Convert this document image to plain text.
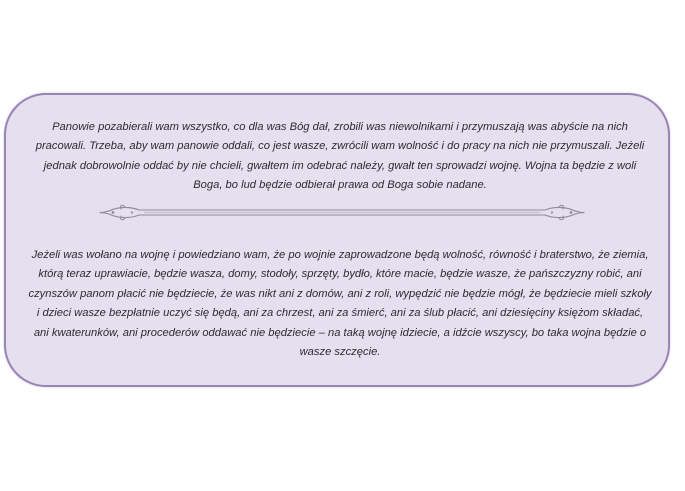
Panowie pozabierali wam wszystko, co dla was Bóg dał, zrobili was niewolnikami i przymuszają was abyście na nich pracowali. Trzeba, aby wam panowie oddali, co jest wasze, zwrócili wam wolność i do pracy na nich nie przymuszali. Jeżeli jednak dobrowolnie oddać by nie chcieli, gwałtem im odebrać należy, gwałt ten sprowadzi wojnę. Wojna ta będzie z woli Boga, bo lud będzie odbierał prawa od Boga sobie nadane.

Jeżeli was wołano na wojnę i powiedziano wam, że po wojnie zaprowadzone będą wolność, równość i braterstwo, że ziemia, którą teraz uprawiacie, będzie wasza, domy, stodoły, sprzęty, bydło, które macie, będzie wasze, że pańszczyzny robić, ani czynszów panom płacić nie będziecie, że was nikt ani z domów, ani z roli, wypędzić nie będzie mógł, że będziecie mieli szkoły i dzieci wasze bezpłatnie uczyć się będą, ani za chrzest, ani za śmierć, ani za ślub płacić, ani dziesięciny księżom składać, ani kwaterunków, ani procederów oddawać nie będziecie – na taką wojnę idziecie, a idźcie wszyscy, bo taka wojna będzie o wasze szczęcie.
